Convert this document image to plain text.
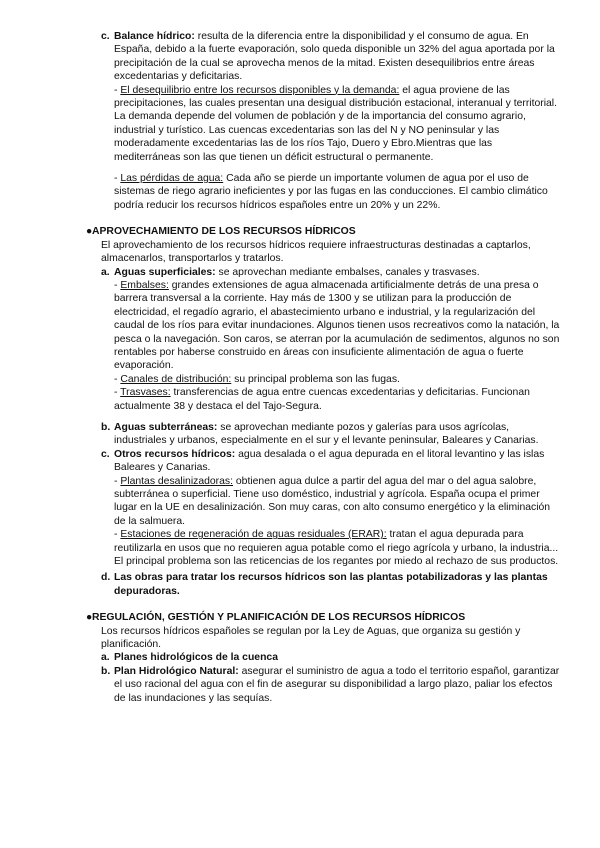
c. Balance hídrico: resulta de la diferencia entre la disponibilidad y el consumo de agua. En España, debido a la fuerte evaporación, solo queda disponible un 32% del agua aportada por la precipitación de la cual se aprovecha menos de la mitad. Existen desequilibrios entre áreas excedentarias y deficitarias.
- El desequilibrio entre los recursos disponibles y la demanda: el agua proviene de las precipitaciones, las cuales presentan una desigual distribución estacional, interanual y territorial. La demanda depende del volumen de población y de la importancia del consumo agrario, industrial y turístico. Las cuencas excedentarias son las del N y NO peninsular y las moderadamente excedentarias las de los ríos Tajo, Duero y Ebro.Mientras que las mediterráneas son las que tienen un déficit estructural o permanente.
- Las pérdidas de agua: Cada año se pierde un importante volumen de agua por el uso de sistemas de riego agrario ineficientes y por las fugas en las conducciones. El cambio climático podría reducir los recursos hídricos españoles entre un 20% y un 22%.
● APROVECHAMIENTO DE LOS RECURSOS HÍDRICOS
El aprovechamiento de los recursos hídricos requiere infraestructuras destinadas a captarlos, almacenarlos, transportarlos y tratarlos.
a. Aguas superficiales: se aprovechan mediante embalses, canales y trasvases.
- Embalses: grandes extensiones de agua almacenada artificialmente detrás de una presa o barrera transversal a la corriente. Hay más de 1300 y se utilizan para la producción de electricidad, el regadío agrario, el abastecimiento urbano e industrial, y la regularización del caudal de los ríos para evitar inundaciones. Algunos tienen usos recreativos como la natación, la pesca o la navegación. Son caros, se aterran por la acumulación de sedimentos, algunos no son rentables por haberse construido en áreas con insuficiente alimentación de agua o fuerte evaporación.
- Canales de distribución: su principal problema son las fugas.
- Trasvases: transferencias de agua entre cuencas excedentarias y deficitarias. Funcionan actualmente 38 y destaca el del Tajo-Segura.
b. Aguas subterráneas: se aprovechan mediante pozos y galerías para usos agrícolas, industriales y urbanos, especialmente en el sur y el levante peninsular, Baleares y Canarias.
c. Otros recursos hídricos: agua desalada o el agua depurada en el litoral levantino y las islas Baleares y Canarias.
- Plantas desalinizadoras: obtienen agua dulce a partir del agua del mar o del agua salobre, subterránea o superficial. Tiene uso doméstico, industrial y agrícola. España ocupa el primer lugar en la UE en desalinización. Son muy caras, con alto consumo energético y la eliminación de la salmuera.
- Estaciones de regeneración de aguas residuales (ERAR): tratan el agua depurada para reutilizarla en usos que no requieren agua potable como el riego agrícola y urbano, la industria... El principal problema son las reticencias de los regantes por miedo al rechazo de sus productos.
d. Las obras para tratar los recursos hídricos son las plantas potabilizadoras y las plantas depuradoras.
● REGULACIÓN, GESTIÓN Y PLANIFICACIÓN DE LOS RECURSOS HÍDRICOS
Los recursos hídricos españoles se regulan por la Ley de Aguas, que organiza su gestión y planificación.
a. Planes hidrológicos de la cuenca
b. Plan Hidrológico Natural: asegurar el suministro de agua a todo el territorio español, garantizar el uso racional del agua con el fin de asegurar su disponibilidad a largo plazo, paliar los efectos de las inundaciones y las sequías.
